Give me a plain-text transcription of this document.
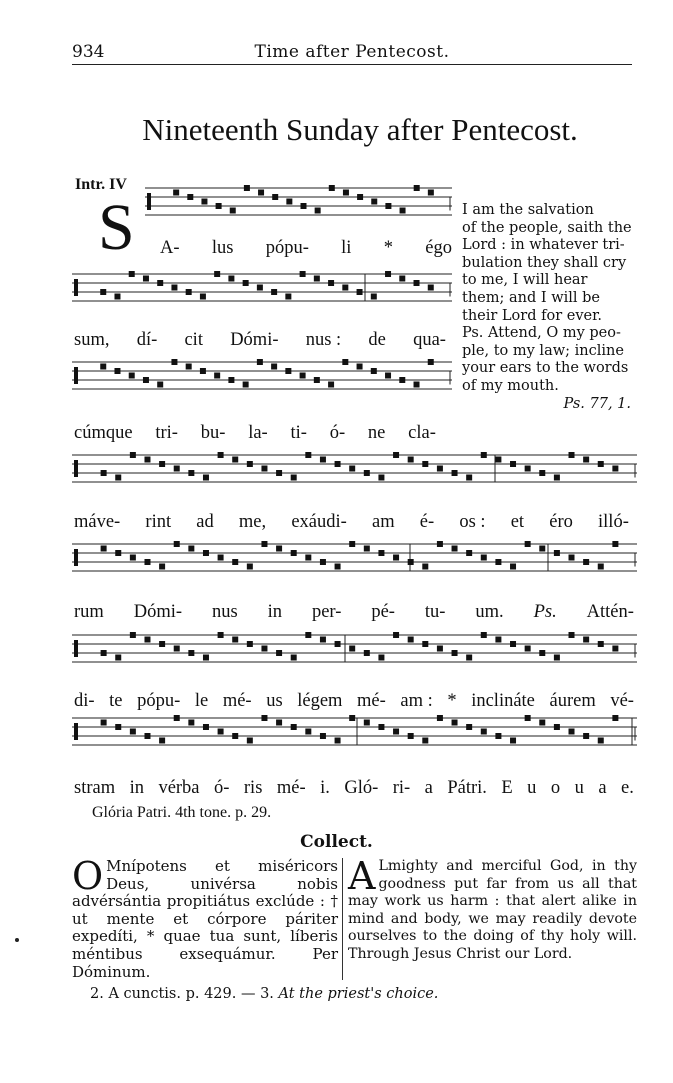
934	Time after Pentecost.
Nineteenth Sunday after Pentecost.
Intr. IV
S A- lus pópu- li * égo
sum, dí- cit Dómi- nus : de qua-
cúmque tri- bu- la- ti- ó- ne cla-
máve- rint ad me, exáudi- am é- os : et éro illó-
rum Dómi- nus in per- pé- tu- um. Ps. Attén-
di- te pópu- le mé- us légem mé- am : * inclináte áurem vé-
stram in vérba ó- ris mé- i. Gló- ri- a Pátri. E u o u a e.
I am the salvation
of the people, saith the
Lord : in whatever tri-
bulation they shall cry
to me, I will hear
them; and I will be
their Lord for ever.
Ps. Attend, O my peo-
ple, to my law; incline
your ears to the words
of my mouth.
Ps. 77, 1.
Glória Patri. 4th tone. p. 29.
Collect.
O Mnípotens et miséricors Deus, univérsa nobis advérsántia propitiátus exclúde : † ut mente et córpore páriter expedíti, * quae tua sunt, líberis méntibus exsequámur. Per Dóminum.
A Lmighty and merciful God, in thy goodness put far from us all that may work us harm : that alert alike in mind and body, we may readily devote ourselves to the doing of thy holy will. Through Jesus Christ our Lord.
2. A cunctis. p. 429. — 3. At the priest's choice.
